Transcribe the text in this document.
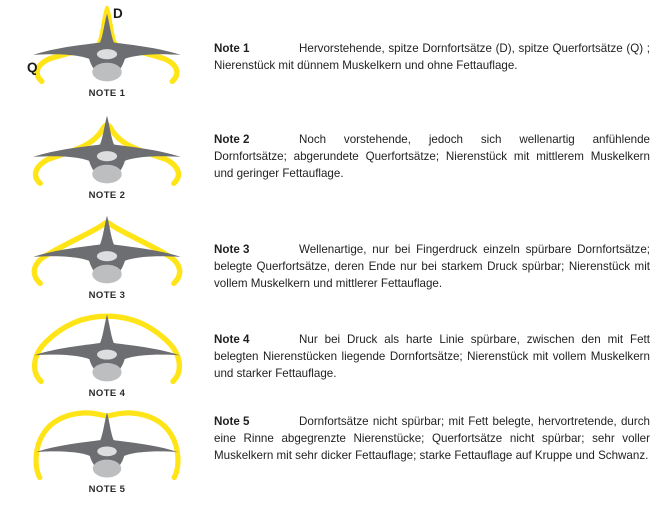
D
Q
NOTE 1

Note 1	Hervorstehende, spitze Dornfortsätze (D), spitze Querfortsätze (Q) ; Nierenstück mit dünnem Muskelkern und ohne Fettauflage.

NOTE 2

Note 2	Noch vorstehende, jedoch sich wellenartig anfühlende Dornfortsätze; abgerundete Querfortsätze; Nierenstück mit mittlerem Muskelkern und geringer Fettauflage.

NOTE 3

Note 3	Wellenartige, nur bei Fingerdruck einzeln spürbare Dornfortsätze; belegte Querfortsätze, deren Ende nur bei starkem Druck spürbar; Nierenstück mit vollem Muskelkern und mittlerer Fettauflage.

NOTE 4

Note 4	Nur bei Druck als harte Linie spürbare, zwischen den mit Fett belegten Nierenstücken liegende Dornfortsätze; Nierenstück mit vollem Muskelkern und starker Fettauflage.

NOTE 5

Note 5	Dornfortsätze nicht spürbar; mit Fett belegte, hervortretende, durch eine Rinne abgegrenzte Nierenstücke; Querfortsätze nicht spürbar; sehr voller Muskelkern mit sehr dicker Fettauflage; starke Fettauflage auf Kruppe und Schwanz.
